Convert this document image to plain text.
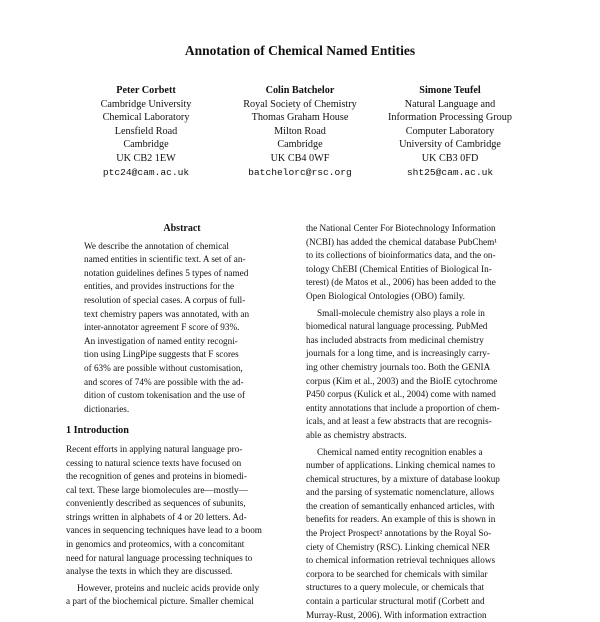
Annotation of Chemical Named Entities
Peter Corbett
Cambridge University
Chemical Laboratory
Lensfield Road
Cambridge
UK CB2 1EW
ptc24@cam.ac.uk
Colin Batchelor
Royal Society of Chemistry
Thomas Graham House
Milton Road
Cambridge
UK CB4 0WF
batchelorc@rsc.org
Simone Teufel
Natural Language and
Information Processing Group
Computer Laboratory
University of Cambridge
UK CB3 0FD
sht25@cam.ac.uk
Abstract
We describe the annotation of chemical
named entities in scientific text. A set of an-
notation guidelines defines 5 types of named
entities, and provides instructions for the
resolution of special cases. A corpus of full-
text chemistry papers was annotated, with an
inter-annotator agreement F score of 93%.
An investigation of named entity recogni-
tion using LingPipe suggests that F scores
of 63% are possible without customisation,
and scores of 74% are possible with the ad-
dition of custom tokenisation and the use of
dictionaries.
1 Introduction
Recent efforts in applying natural language pro-
cessing to natural science texts have focused on
the recognition of genes and proteins in biomedi-
cal text. These large biomolecules are—mostly—
conveniently described as sequences of subunits,
strings written in alphabets of 4 or 20 letters. Ad-
vances in sequencing techniques have lead to a boom
in genomics and proteomics, with a concomitant
need for natural language processing techniques to
analyse the texts in which they are discussed.
However, proteins and nucleic acids provide only
a part of the biochemical picture. Smaller chemical
the National Center For Biotechnology Information
(NCBI) has added the chemical database PubChem¹
to its collections of bioinformatics data, and the on-
tology ChEBI (Chemical Entities of Biological In-
terest) (de Matos et al., 2006) has been added to the
Open Biological Ontologies (OBO) family.
Small-molecule chemistry also plays a role in
biomedical natural language processing. PubMed
has included abstracts from medicinal chemistry
journals for a long time, and is increasingly carry-
ing other chemistry journals too. Both the GENIA
corpus (Kim et al., 2003) and the BioIE cytochrome
P450 corpus (Kulick et al., 2004) come with named
entity annotations that include a proportion of chem-
icals, and at least a few abstracts that are recognis-
able as chemistry abstracts.
Chemical named entity recognition enables a
number of applications. Linking chemical names to
chemical structures, by a mixture of database lookup
and the parsing of systematic nomenclature, allows
the creation of semantically enhanced articles, with
benefits for readers. An example of this is shown in
the Project Prospect² annotations by the Royal So-
ciety of Chemistry (RSC). Linking chemical NER
to chemical information retrieval techniques allows
corpora to be searched for chemicals with similar
structures to a query molecule, or chemicals that
contain a particular structural motif (Corbett and
Murray-Rust, 2006). With information extraction
